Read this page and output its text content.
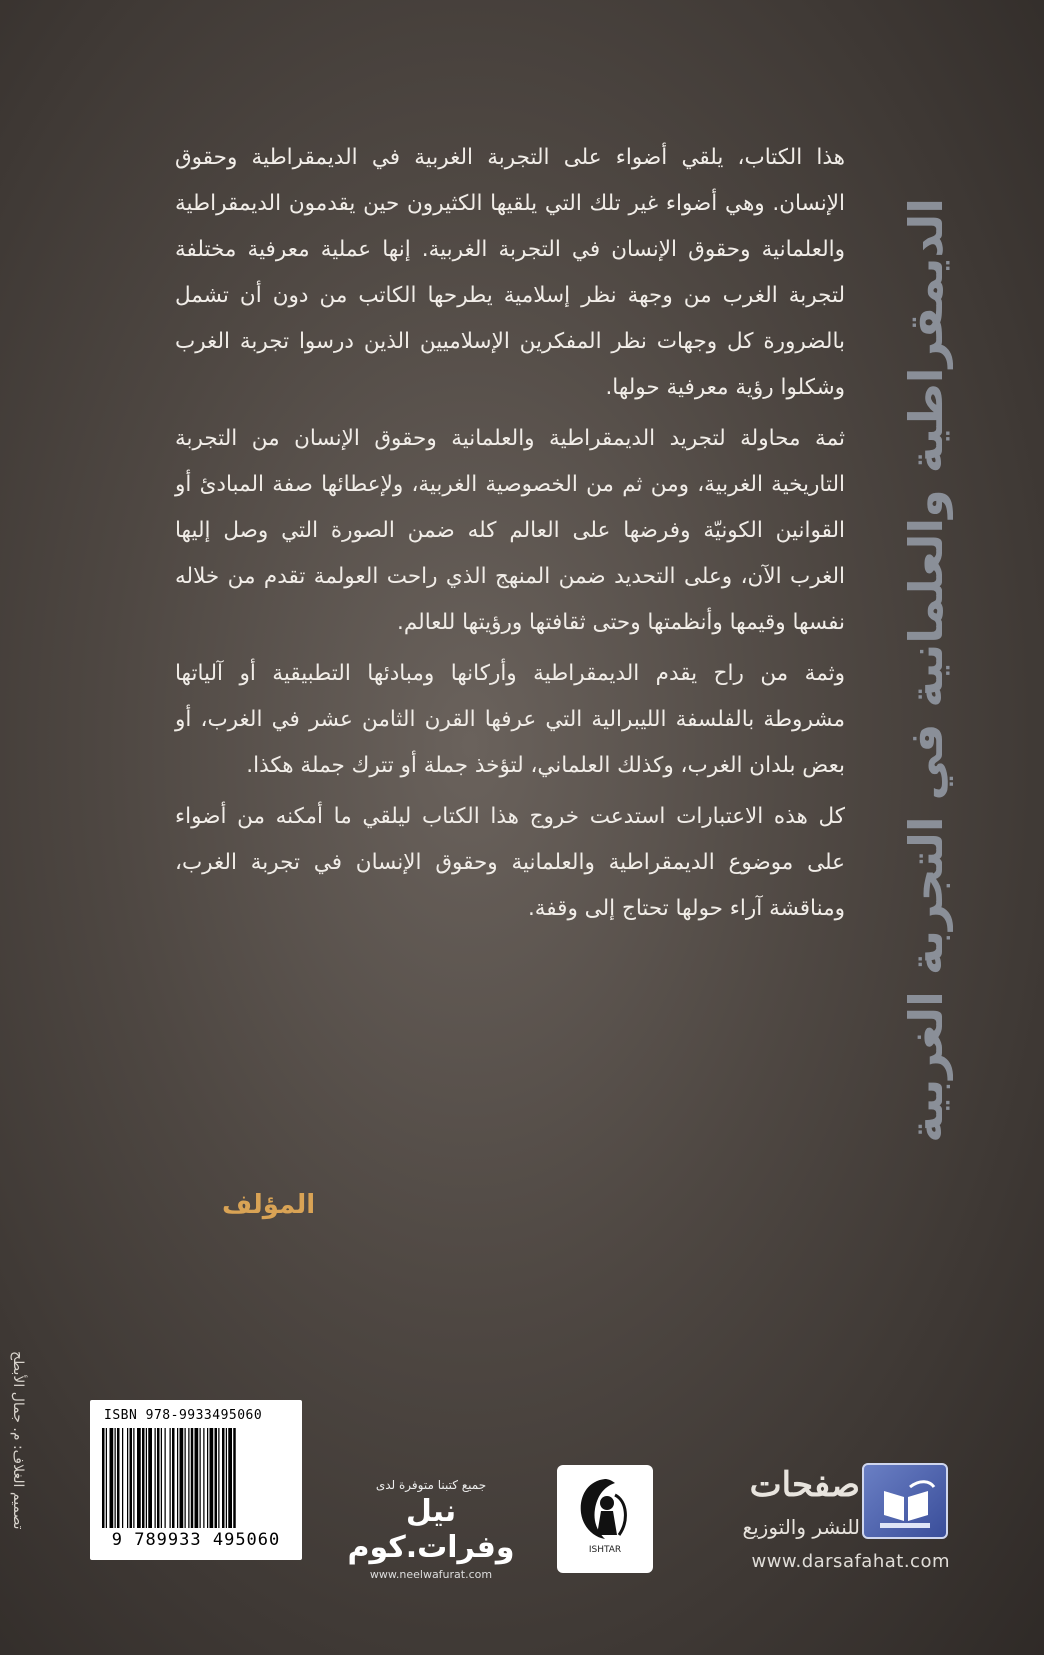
الديمقراطية والعلمانية في التجربة الغربية

هذا الكتاب، يلقي أضواء على التجربة الغربية في الديمقراطية وحقوق الإنسان. وهي أضواء غير تلك التي يلقيها الكثيرون حين يقدمون الديمقراطية والعلمانية وحقوق الإنسان في التجربة الغربية. إنها عملية معرفية مختلفة لتجربة الغرب من وجهة نظر إسلامية يطرحها الكاتب من دون أن تشمل بالضرورة كل وجهات نظر المفكرين الإسلاميين الذين درسوا تجربة الغرب وشكلوا رؤية معرفية حولها.

ثمة محاولة لتجريد الديمقراطية والعلمانية وحقوق الإنسان من التجربة التاريخية الغربية، ومن ثم من الخصوصية الغربية، ولإعطائها صفة المبادئ أو القوانين الكونيّة وفرضها على العالم كله ضمن الصورة التي وصل إليها الغرب الآن، وعلى التحديد ضمن المنهج الذي راحت العولمة تقدم من خلاله نفسها وقيمها وأنظمتها وحتى ثقافتها ورؤيتها للعالم.

وثمة من راح يقدم الديمقراطية وأركانها ومبادئها التطبيقية أو آلياتها مشروطة بالفلسفة الليبرالية التي عرفها القرن الثامن عشر في الغرب، أو بعض بلدان الغرب، وكذلك العلماني، لتؤخذ جملة أو تترك جملة هكذا.

كل هذه الاعتبارات استدعت خروج هذا الكتاب ليلقي ما أمكنه من أضواء على موضوع الديمقراطية والعلمانية وحقوق الإنسان في تجربة الغرب، ومناقشة آراء حولها تحتاج إلى وقفة.

المؤلف
تصميم الغلاف: م. جمال الأبطح	ISBN 978-9933495060
9 789933 495060
جميع كتبنا متوفرة لدى
نيل وفرات.كوم
www.neelwafurat.com
ISHTAR
صفحات
للنشر والتوزيع
www.darsafahat.com
